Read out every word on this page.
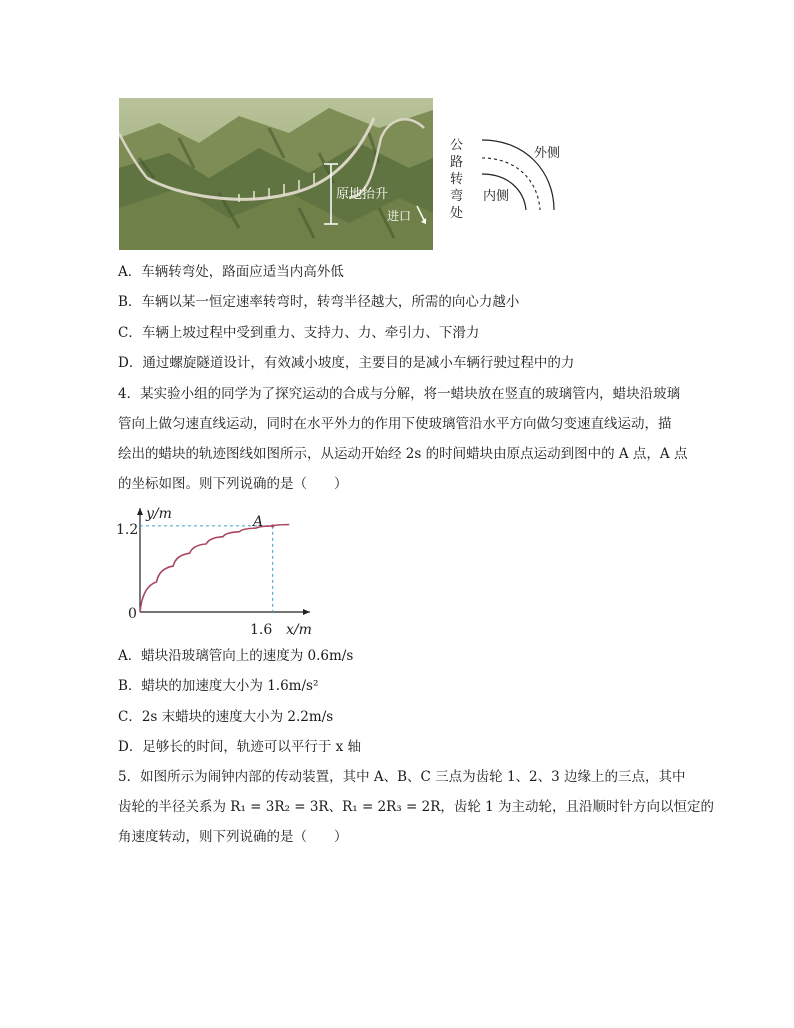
原地抬升
进口
公
路
转
弯
处
外侧
内侧
A．车辆转弯处，路面应适当内高外低
B．车辆以某一恒定速率转弯时，转弯半径越大，所需的向心力越小
C．车辆上坡过程中受到重力、支持力、力、牵引力、下滑力
D．通过螺旋隧道设计，有效减小坡度，主要目的是减小车辆行驶过程中的力
4．某实验小组的同学为了探究运动的合成与分解，将一蜡块放在竖直的玻璃管内，蜡块沿玻璃
管向上做匀速直线运动，同时在水平外力的作用下使玻璃管沿水平方向做匀变速直线运动，描
绘出的蜡块的轨迹图线如图所示，从运动开始经 2s 的时间蜡块由原点运动到图中的 A 点，A 点
的坐标如图。则下列说确的是（　　）
y/m
x/m
0
1.2
1.6
A
A．蜡块沿玻璃管向上的速度为 0.6m/s
B．蜡块的加速度大小为 1.6m/s²
C．2s 末蜡块的速度大小为 2.2m/s
D．足够长的时间，轨迹可以平行于 x 轴
5．如图所示为闹钟内部的传动装置，其中 A、B、C 三点为齿轮 1、2、3 边缘上的三点，其中
齿轮的半径关系为 R₁ = 3R₂ = 3R、R₁ = 2R₃ = 2R，齿轮 1 为主动轮，且沿顺时针方向以恒定的
角速度转动，则下列说确的是（　　）
